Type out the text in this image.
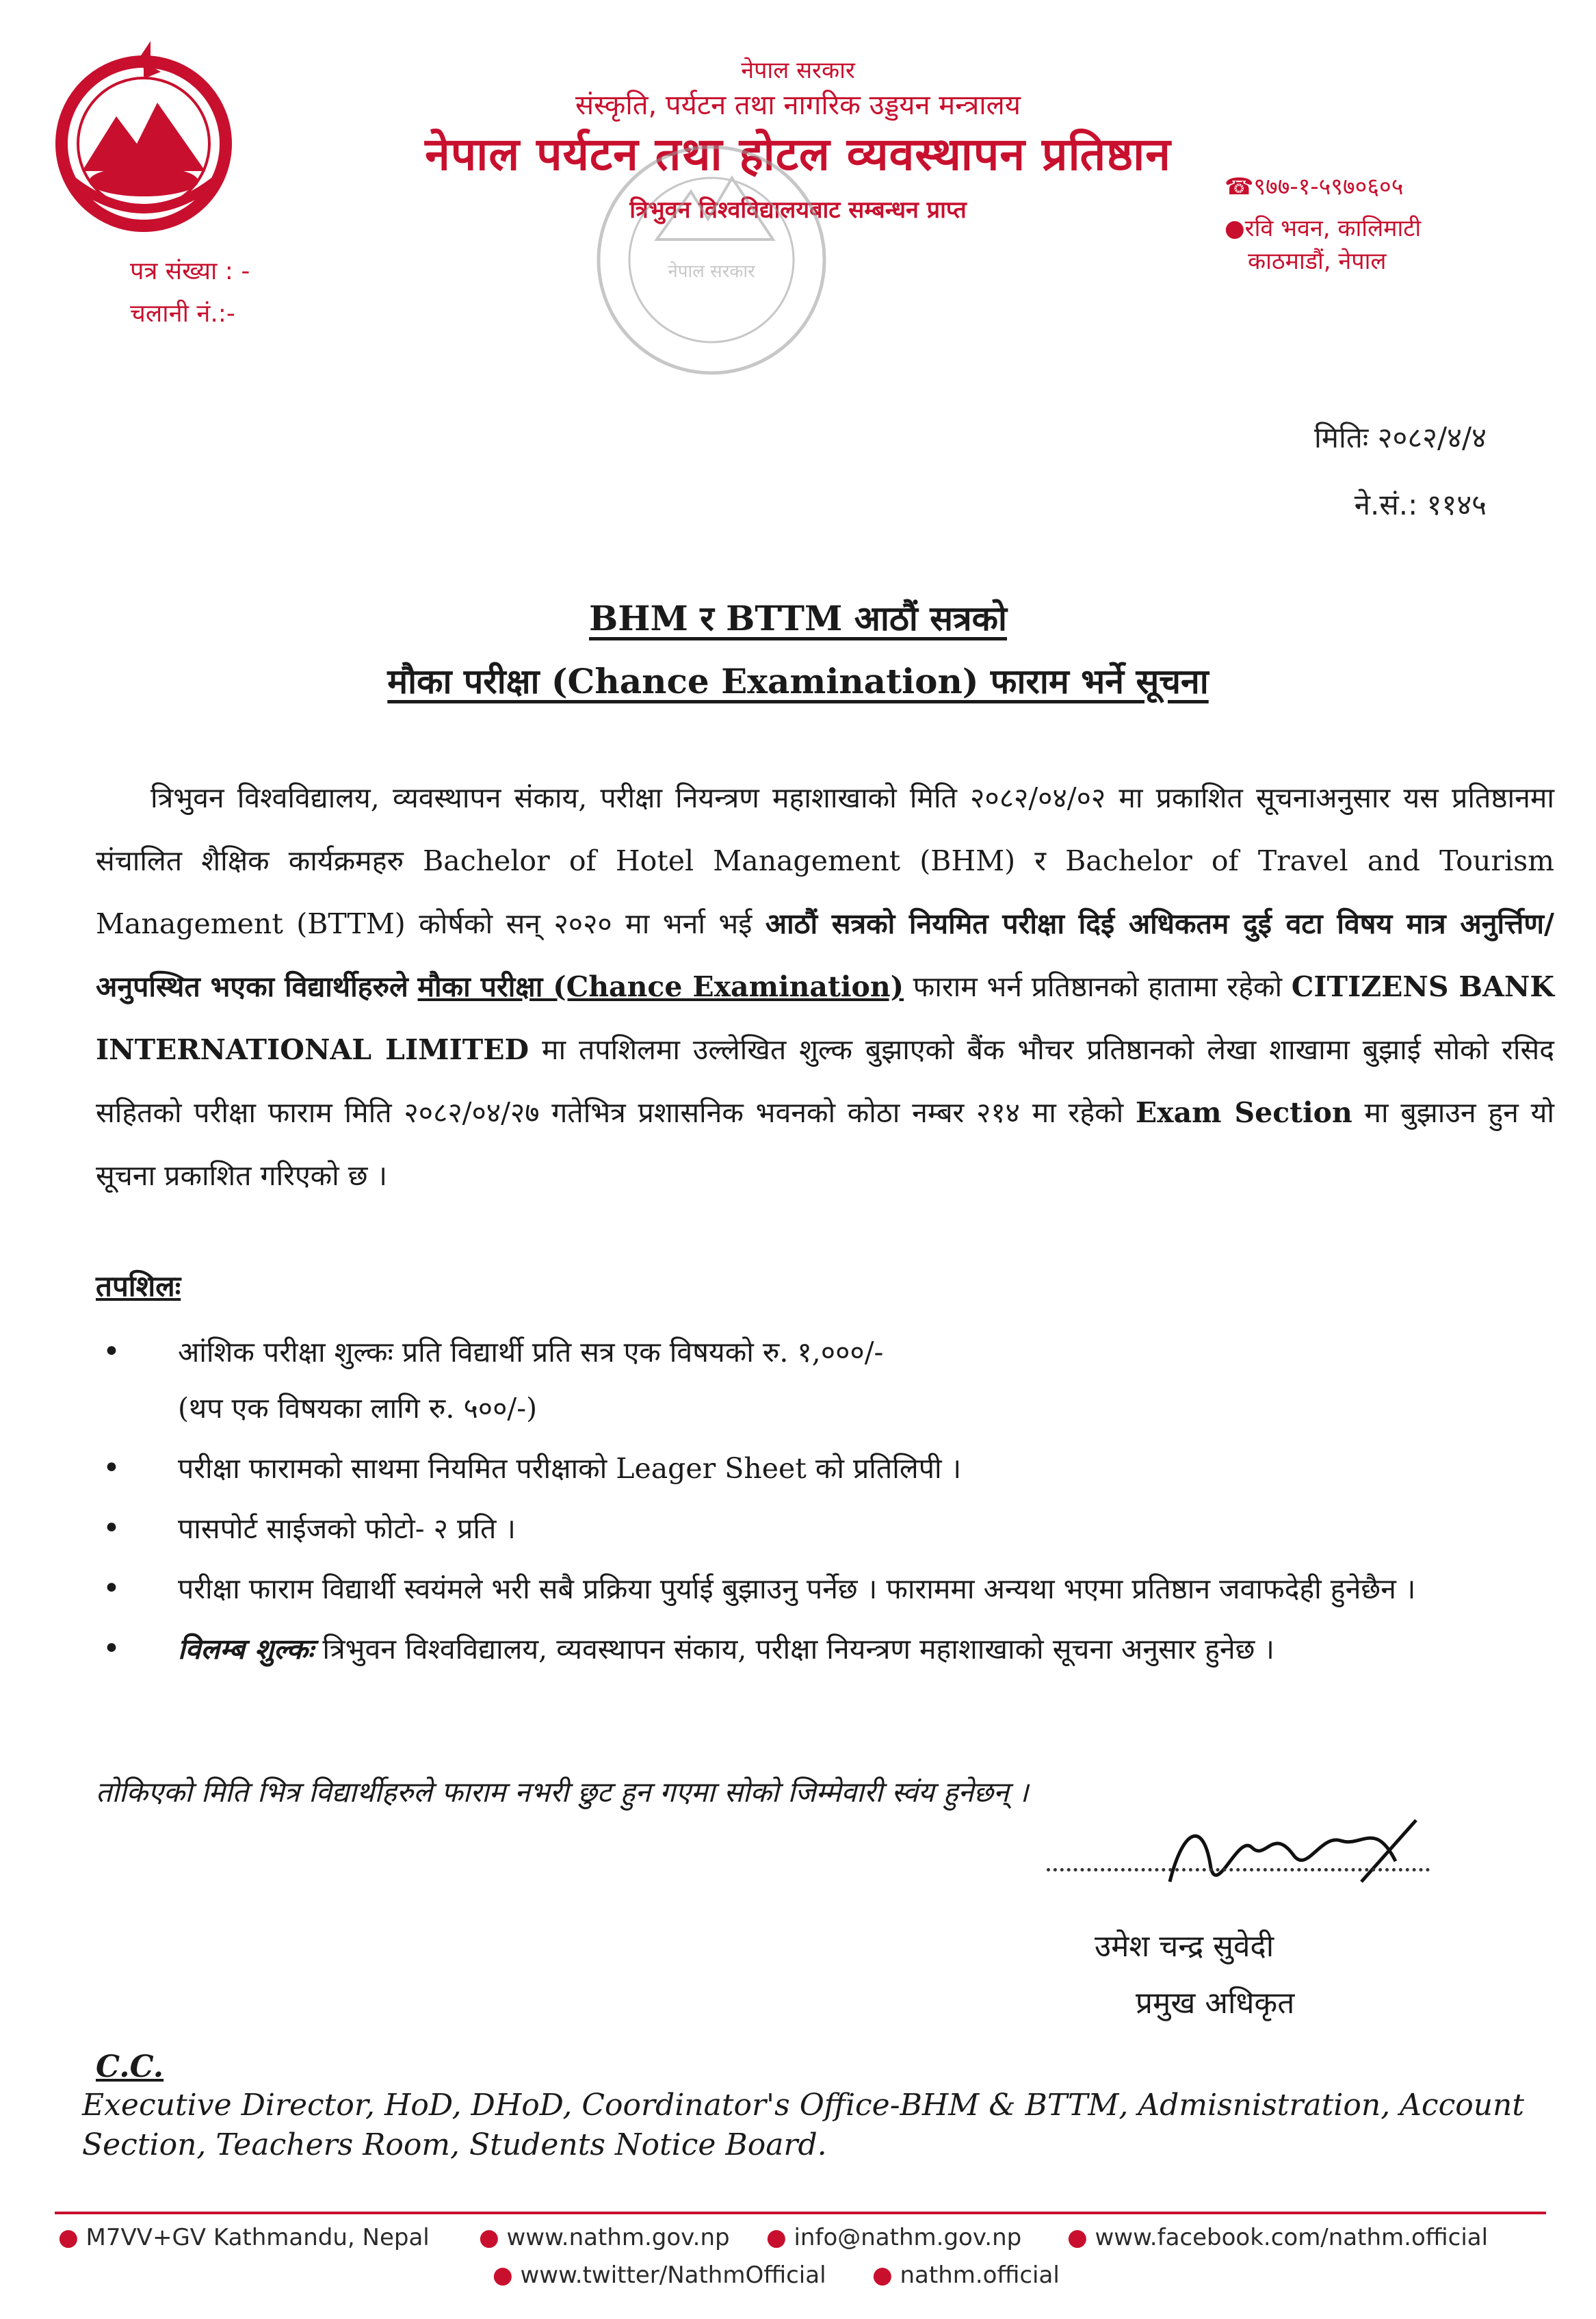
नेपाल सरकार
संस्कृति, पर्यटन तथा नागरिक उड्डयन मन्त्रालय
नेपाल पर्यटन तथा होटल व्यवस्थापन प्रतिष्ठान
त्रिभुवन विश्वविद्यालयबाट सम्बन्धन प्राप्त
नेपाल सरकार
☎९७७-१-५९७०६०५
●रवि भवन, कालिमाटी
काठमाडौं, नेपाल
पत्र संख्या : -
चलानी नं.:-
मितिः २०८२/४/४
ने.सं.: ११४५
BHM र BTTM आठौं सत्रको
मौका परीक्षा (Chance Examination) फाराम भर्ने सूचना

त्रिभुवन विश्वविद्यालय, व्यवस्थापन संकाय, परीक्षा नियन्त्रण महाशाखाको मिति २०८२/०४/०२ मा प्रकाशित सूचनाअनुसार यस प्रतिष्ठानमा संचालित शैक्षिक कार्यक्रमहरु Bachelor of Hotel Management (BHM) र Bachelor of Travel and Tourism Management (BTTM) कोर्षको सन् २०२० मा भर्ना भई आठौं सत्रको नियमित परीक्षा दिई अधिकतम दुई वटा विषय मात्र अनुर्त्तिण/अनुपस्थित भएका विद्यार्थीहरुले मौका परीक्षा (Chance Examination) फाराम भर्न प्रतिष्ठानको हातामा रहेको CITIZENS BANK INTERNATIONAL LIMITED मा तपशिलमा उल्लेखित शुल्क बुझाएको बैंक भौचर प्रतिष्ठानको लेखा शाखामा बुझाई सोको रसिद सहितको परीक्षा फाराम मिति २०८२/०४/२७ गतेभित्र प्रशासनिक भवनको कोठा नम्बर २१४ मा रहेको Exam Section मा बुझाउन हुन यो सूचना प्रकाशित गरिएको छ ।

तपशिलः
• आंशिक परीक्षा शुल्कः प्रति विद्यार्थी प्रति सत्र एक विषयको रु. १,०००/-
(थप एक विषयका लागि रु. ५००/-)
• परीक्षा फारामको साथमा नियमित परीक्षाको Leager Sheet को प्रतिलिपी ।
• पासपोर्ट साईजको फोटो- २ प्रति ।
• परीक्षा फाराम विद्यार्थी स्वयंमले भरी सबै प्रक्रिया पुर्याई बुझाउनु पर्नेछ । फाराममा अन्यथा भएमा प्रतिष्ठान जवाफदेही हुनेछैन ।
• विलम्ब शुल्कः त्रिभुवन विश्वविद्यालय, व्यवस्थापन संकाय, परीक्षा नियन्त्रण महाशाखाको सूचना अनुसार हुनेछ ।
तोकिएको मिति भित्र विद्यार्थीहरुले फाराम नभरी छुट हुन गएमा सोको जिम्मेवारी स्वंय हुनेछन् ।
उमेश चन्द्र सुवेदी
प्रमुख अधिकृत
C.C.
Executive Director, HoD, DHoD, Coordinator's Office-BHM & BTTM, Admisnistration, Account Section, Teachers Room, Students Notice Board.
● M7VV+GV Kathmandu, Nepal ● www.nathm.gov.np ● info@nathm.gov.np ● www.facebook.com/nathm.official
● www.twitter/NathmOfficial ● nathm.official
